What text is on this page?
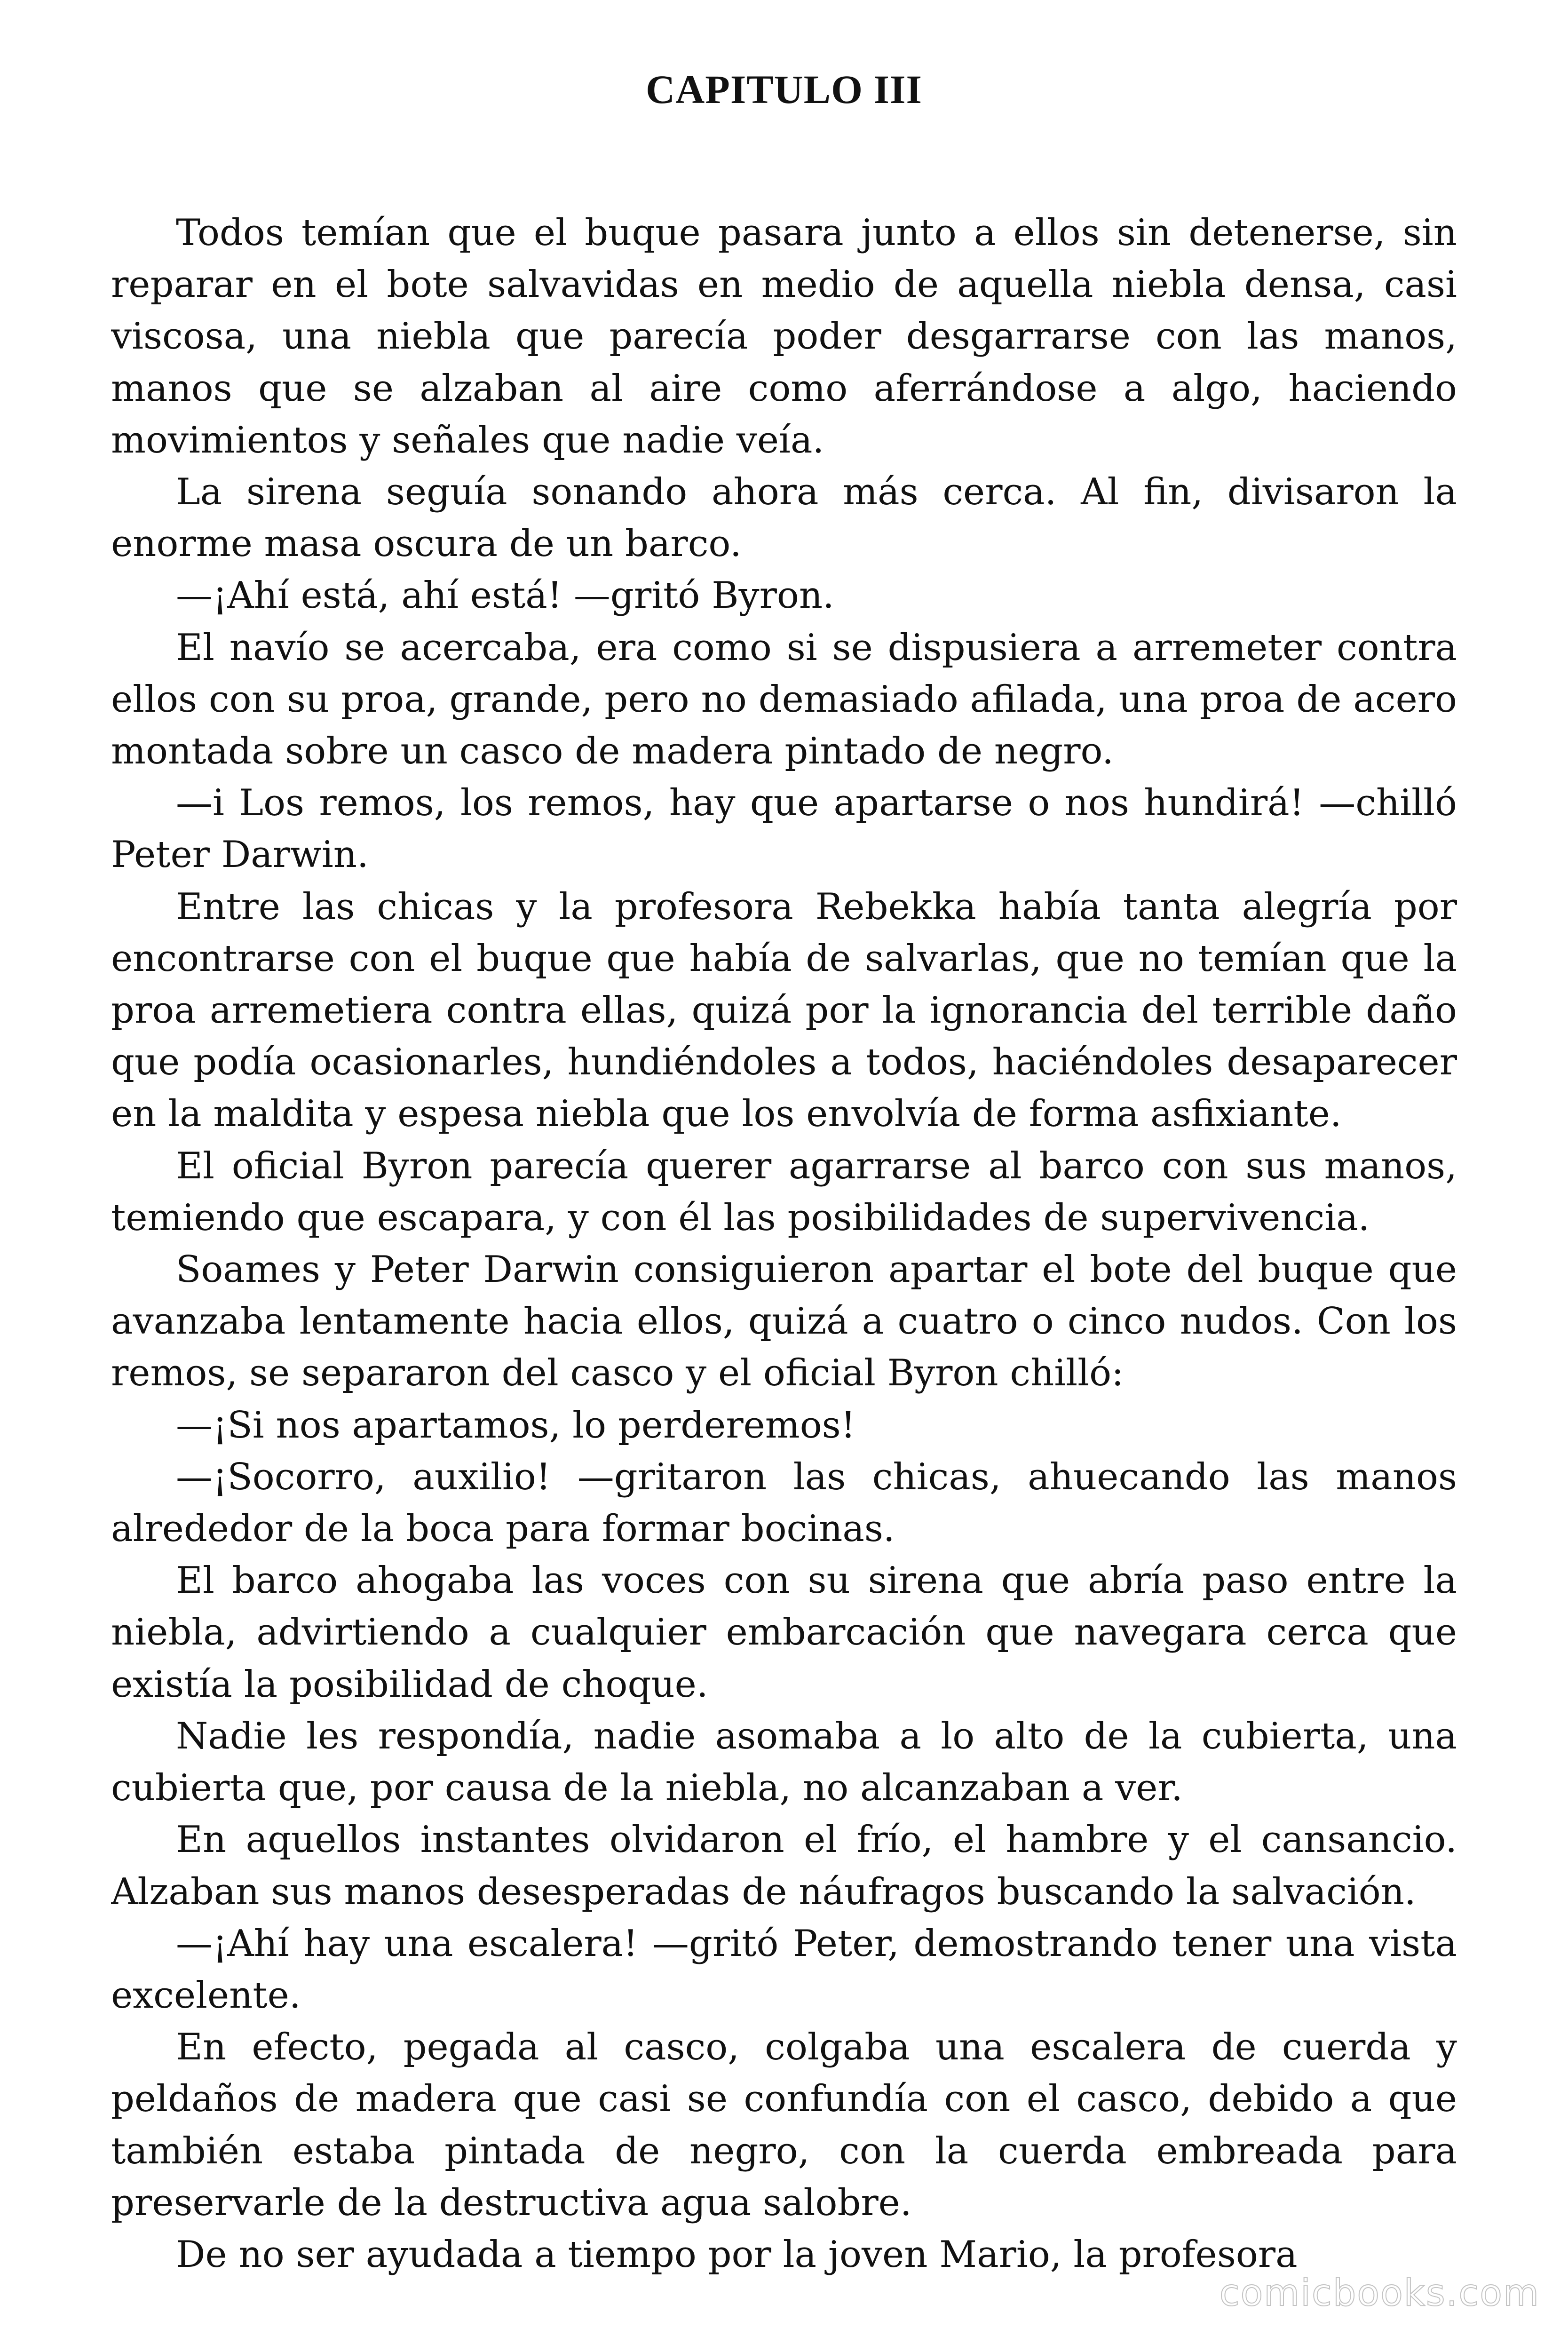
CAPITULO III

Todos temían que el buque pasara junto a ellos sin detenerse, sin reparar en el bote salvavidas en medio de aquella niebla densa, casi viscosa, una niebla que parecía poder desgarrarse con las manos, manos que se alzaban al aire como aferrándose a algo, haciendo movimientos y señales que nadie veía.

La sirena seguía sonando ahora más cerca. Al fin, divisaron la enorme masa oscura de un barco.

—¡Ahí está, ahí está! —gritó Byron.

El navío se acercaba, era como si se dispusiera a arremeter contra ellos con su proa, grande, pero no demasiado afilada, una proa de acero montada sobre un casco de madera pintado de negro.

—i Los remos, los remos, hay que apartarse o nos hundirá! —chilló Peter Darwin.

Entre las chicas y la profesora Rebekka había tanta alegría por encontrarse con el buque que había de salvarlas, que no temían que la proa arremetiera contra ellas, quizá por la ignorancia del terrible daño que podía ocasionarles, hundiéndoles a todos, haciéndoles desaparecer en la maldita y espesa niebla que los envolvía de forma asfixiante.

El oficial Byron parecía querer agarrarse al barco con sus manos, temiendo que escapara, y con él las posibilidades de supervivencia.

Soames y Peter Darwin consiguieron apartar el bote del buque que avanzaba lentamente hacia ellos, quizá a cuatro o cinco nudos. Con los remos, se separaron del casco y el oficial Byron chilló:

—¡Si nos apartamos, lo perderemos!

—¡Socorro, auxilio! —gritaron las chicas, ahuecando las manos alrededor de la boca para formar bocinas.

El barco ahogaba las voces con su sirena que abría paso entre la niebla, advirtiendo a cualquier embarcación que navegara cerca que existía la posibilidad de choque.

Nadie les respondía, nadie asomaba a lo alto de la cubierta, una cubierta que, por causa de la niebla, no alcanzaban a ver.

En aquellos instantes olvidaron el frío, el hambre y el cansancio. Alzaban sus manos desesperadas de náufragos buscando la salvación.

—¡Ahí hay una escalera! —gritó Peter, demostrando tener una vista excelente.

En efecto, pegada al casco, colgaba una escalera de cuerda y peldaños de madera que casi se confundía con el casco, debido a que también estaba pintada de negro, con la cuerda embreada para preservarle de la destructiva agua salobre.

De no ser ayudada a tiempo por la joven Mario, la profesora

comicbooks.com
